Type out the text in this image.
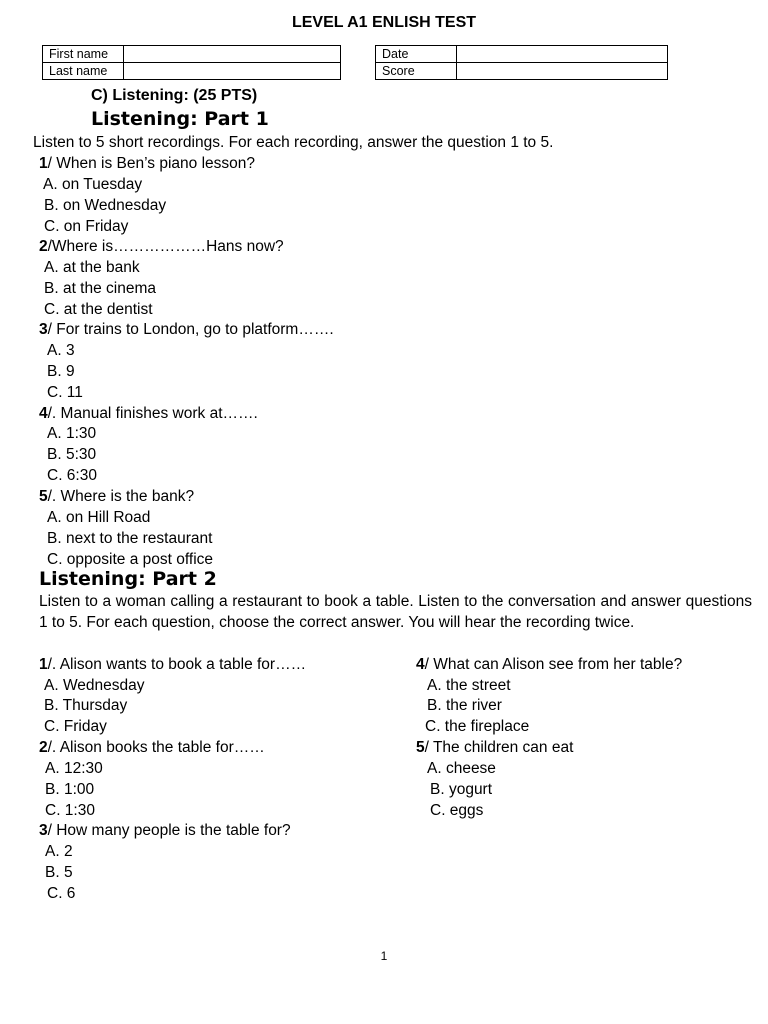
LEVEL A1 ENLISH TEST
First name	
Last name	
Date	
Score	
C) Listening: (25 PTS)
Listening: Part 1
Listen to 5 short recordings. For each recording, answer the question 1 to 5.
1/ When is Ben’s piano lesson?
A. on Tuesday
B. on Wednesday
C. on Friday
2/Where is………………Hans now?
A. at the bank
B. at the cinema
C. at the dentist
3/ For trains to London, go to platform…….
A. 3
B. 9
C. 11
4/. Manual finishes work at…….
A. 1:30
B. 5:30
C. 6:30
5/. Where is the bank?
A. on Hill Road
B. next to the restaurant
C. opposite a post office
Listening: Part 2
Listen to a woman calling a restaurant to book a table. Listen to the conversation and answer questions 1 to 5. For each question, choose the correct answer. You will hear the recording twice.
1/. Alison wants to book a table for……
A. Wednesday
B. Thursday
C. Friday
2/. Alison books the table for……
A. 12:30
B. 1:00
C. 1:30
3/ How many people is the table for?
A. 2
B. 5
C. 6
4/ What can Alison see from her table?
A. the street
B. the river
C. the fireplace
5/ The children can eat
A. cheese
B. yogurt
C. eggs
1
